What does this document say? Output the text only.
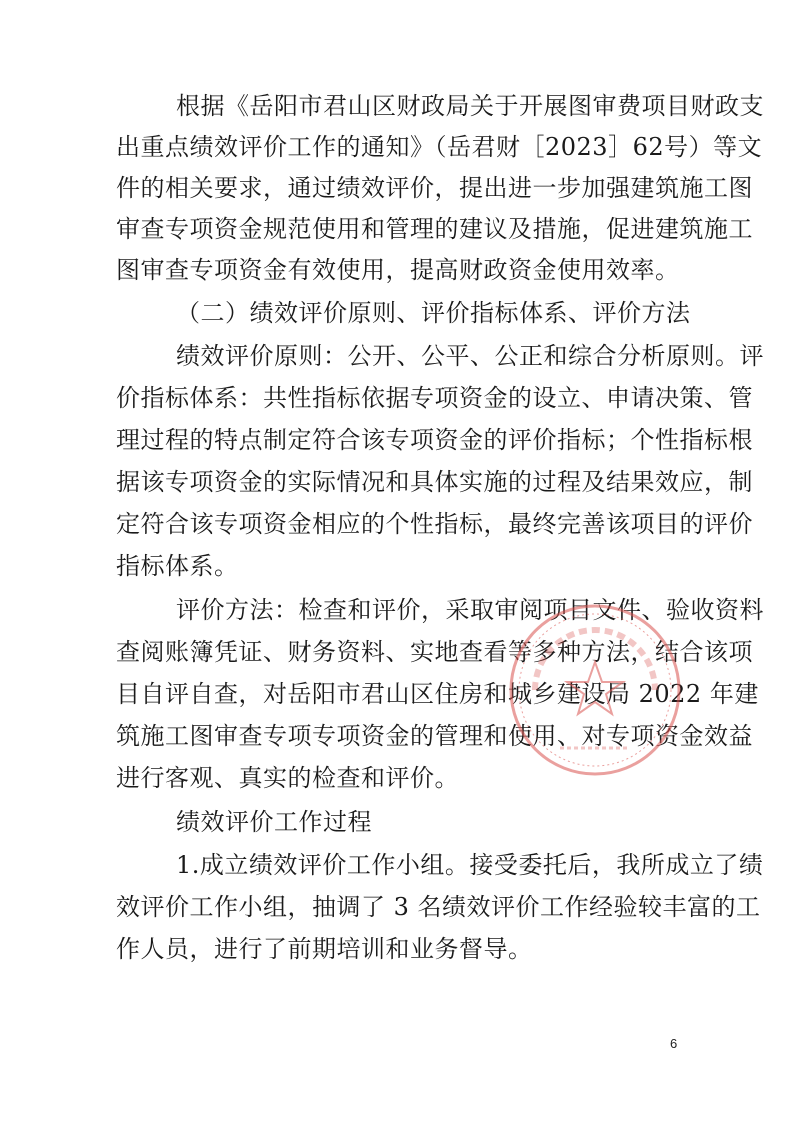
根据《岳阳市君山区财政局关于开展图审费项目财政支
出重点绩效评价工作的通知》（岳君财［2023］62号）等文
件的相关要求，通过绩效评价，提出进一步加强建筑施工图
审查专项资金规范使用和管理的建议及措施，促进建筑施工
图审查专项资金有效使用，提高财政资金使用效率。
（二）绩效评价原则、评价指标体系、评价方法
绩效评价原则：公开、公平、公正和综合分析原则。评
价指标体系：共性指标依据专项资金的设立、申请决策、管
理过程的特点制定符合该专项资金的评价指标；个性指标根
据该专项资金的实际情况和具体实施的过程及结果效应，制
定符合该专项资金相应的个性指标，最终完善该项目的评价
指标体系。
评价方法：检查和评价，采取审阅项目文件、验收资料
查阅账簿凭证、财务资料、实地查看等多种方法，结合该项
目自评自查，对岳阳市君山区住房和城乡建设局 2022 年建
筑施工图审查专项专项资金的管理和使用、对专项资金效益
进行客观、真实的检查和评价。
绩效评价工作过程
1.成立绩效评价工作小组。接受委托后，我所成立了绩
效评价工作小组，抽调了 3 名绩效评价工作经验较丰富的工
作人员，进行了前期培训和业务督导。
6
